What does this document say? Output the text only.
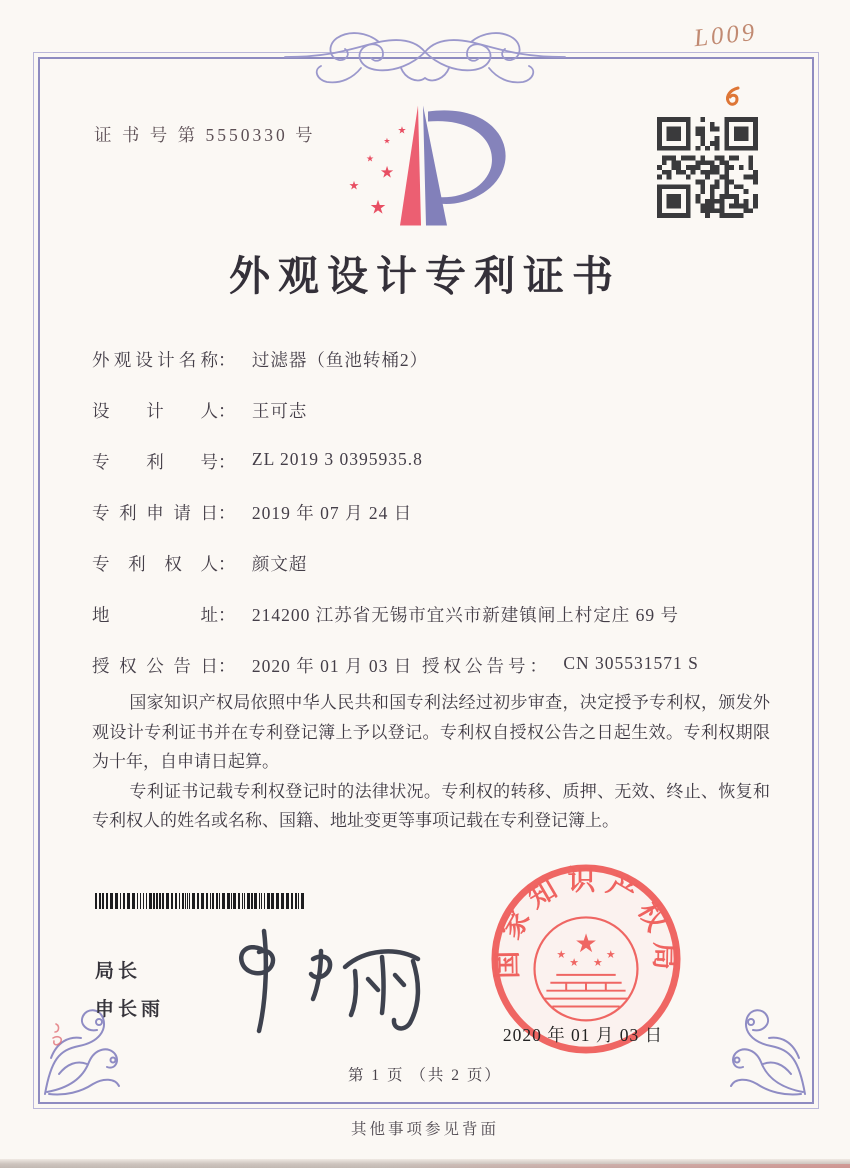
L009
证 书 号 第 5550330 号	★
★
★
★
★
★
外观设计专利证书
外观设计名称： 过滤器（鱼池转桶2）
设计人： 王可志
专利号： ZL 2019 3 0395935.8
专利申请日： 2019 年 07 月 24 日
专利权人： 颜文超
地址： 214200 江苏省无锡市宜兴市新建镇闸上村定庄 69 号
授权公告日： 2020 年 01 月 03 日 授权公告号： CN 305531571 S

国家知识产权局依照中华人民共和国专利法经过初步审查，决定授予专利权，颁发外观设计专利证书并在专利登记簿上予以登记。专利权自授权公告之日起生效。专利权期限为十年，自申请日起算。

专利证书记载专利权登记时的法律状况。专利权的转移、质押、无效、终止、恢复和专利权人的姓名或名称、国籍、地址变更等事项记载在专利登记簿上。

局长
申长雨
国家知识产权局
★
★
★ ★
★
2020 年 01 月 03 日
第 1 页 （共 2 页）
其他事项参见背面
